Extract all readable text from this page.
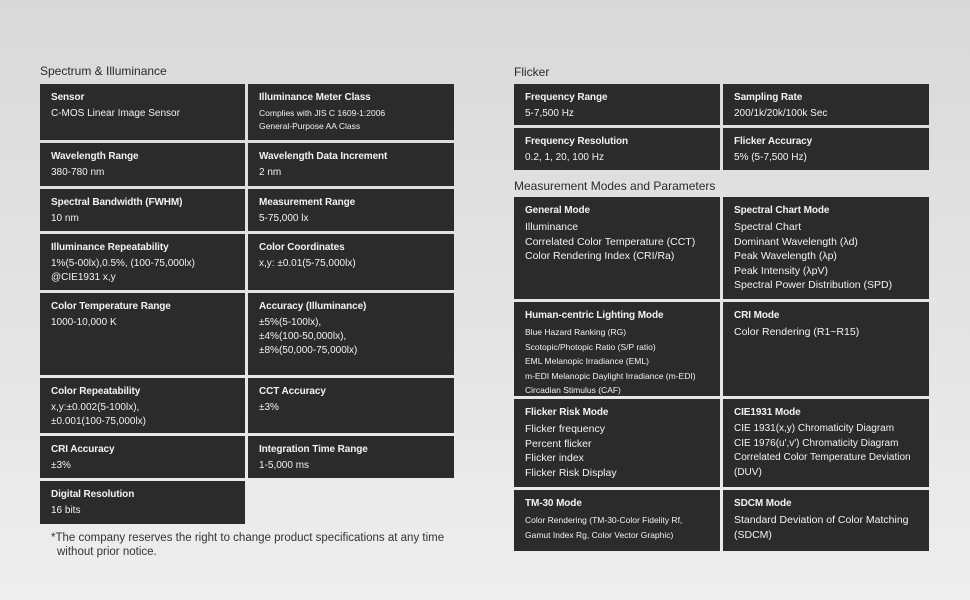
Spectrum & Illuminance
Sensor
C-MOS Linear Image Sensor
Illuminance Meter Class
Complies with JIS C 1609-1:2006
General-Purpose AA Class
Wavelength Range
380-780 nm
Wavelength Data Increment
2 nm
Spectral Bandwidth (FWHM)
10 nm
Measurement Range
5-75,000 lx
Illuminance Repeatability
1%(5-00lx),0.5%, (100-75,000lx)
@CIE1931 x,y
Color Coordinates
x,y: ±0.01(5-75,000lx)
Color Temperature Range
1000-10,000 K
Accuracy (Illuminance)
±5%(5-100lx),
±4%(100-50,000lx),
±8%(50,000-75,000lx)
Color Repeatability
x,y:±0.002(5-100lx),
±0.001(100-75,000lx)
CCT Accuracy
±3%
CRI Accuracy
±3%
Integration Time Range
1-5,000 ms
Digital Resolution
16 bits
Flicker
Frequency Range
5-7,500 Hz
Sampling Rate
200/1k/20k/100k Sec
Frequency Resolution
0.2, 1, 20, 100 Hz
Flicker Accuracy
5% (5-7,500 Hz)
Measurement Modes and Parameters
General Mode
Illuminance
Correlated Color Temperature (CCT)
Color Rendering Index (CRI/Ra)
Spectral Chart Mode
Spectral Chart
Dominant Wavelength (λd)
Peak Wavelength (λp)
Peak Intensity (λpV)
Spectral Power Distribution (SPD)
Human-centric Lighting Mode
Blue Hazard Ranking (RG)
Scotopic/Photopic Ratio (S/P ratio)
EML Melanopic Irradiance (EML)
m-EDI Melanopic Daylight Irradiance (m-EDI)
Circadian Stimulus (CAF)
CRI Mode
Color Rendering (R1~R15)
Flicker Risk Mode
Flicker frequency
Percent flicker
Flicker index
Flicker Risk Display
CIE1931 Mode
CIE 1931(x,y) Chromaticity Diagram
CIE 1976(u',v') Chromaticity Diagram
Correlated Color Temperature Deviation
(DUV)
TM-30 Mode
Color Rendering (TM-30-Color Fidelity Rf,
Gamut Index Rg, Color Vector Graphic)
SDCM Mode
Standard Deviation of Color Matching
(SDCM)
*The company reserves the right to change product specifications at any time without prior notice.
